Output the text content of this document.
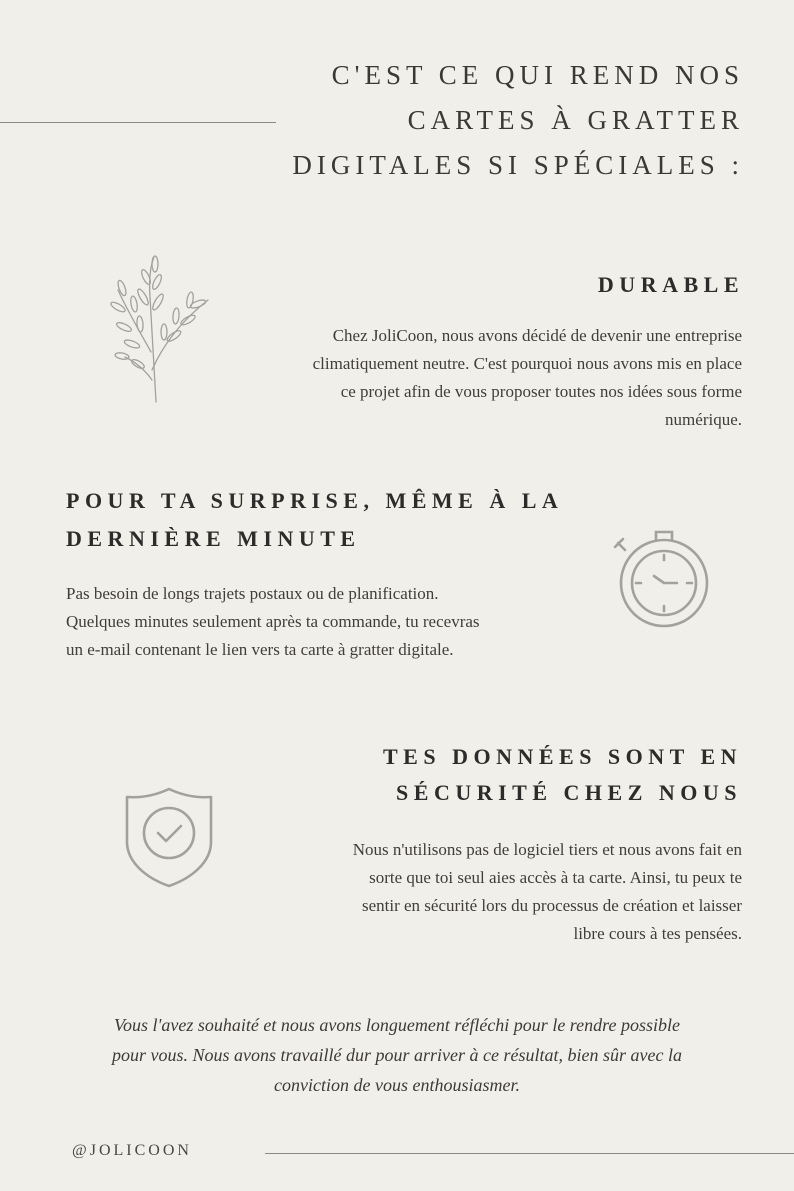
C'EST CE QUI REND NOS
CARTES À GRATTER
DIGITALES SI SPÉCIALES :
DURABLE
Chez JoliCoon, nous avons décidé de devenir une entreprise
climatiquement neutre. C'est pourquoi nous avons mis en place
ce projet afin de vous proposer toutes nos idées sous forme
numérique.
POUR TA SURPRISE, MÊME À LA
DERNIÈRE MINUTE
Pas besoin de longs trajets postaux ou de planification.
Quelques minutes seulement après ta commande, tu recevras
un e-mail contenant le lien vers ta carte à gratter digitale.
TES DONNÉES SONT EN
SÉCURITÉ CHEZ NOUS
Nous n'utilisons pas de logiciel tiers et nous avons fait en
sorte que toi seul aies accès à ta carte. Ainsi, tu peux te
sentir en sécurité lors du processus de création et laisser
libre cours à tes pensées.
Vous l'avez souhaité et nous avons longuement réfléchi pour le rendre possible
pour vous. Nous avons travaillé dur pour arriver à ce résultat, bien sûr avec la
conviction de vous enthousiasmer.
@JOLICOON
